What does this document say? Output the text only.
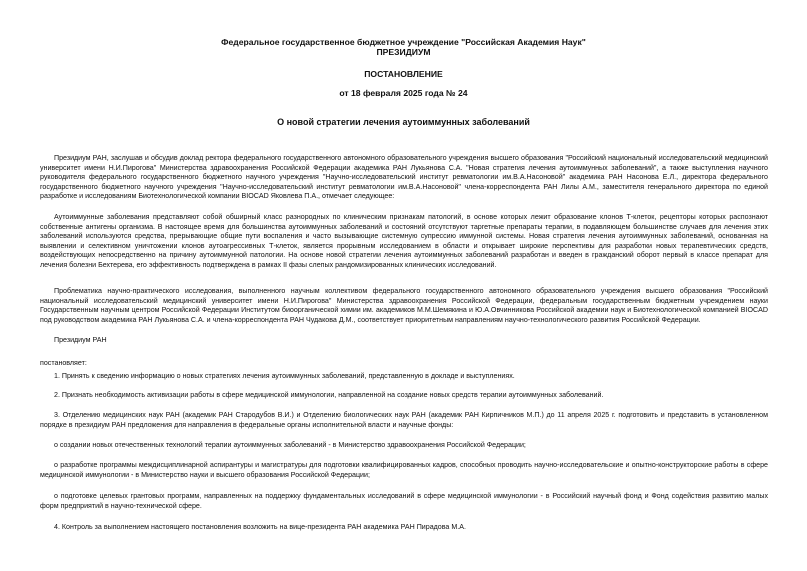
Федеральное государственное бюджетное учреждение "Российская Академия Наук"
ПРЕЗИДИУМ
ПОСТАНОВЛЕНИЕ
от 18 февраля 2025 года № 24
О новой стратегии лечения аутоиммунных заболеваний

Президиум РАН, заслушав и обсудив доклад ректора федерального государственного автономного образовательного учреждения высшего образования "Российский национальный исследовательский медицинский университет имени Н.И.Пирогова" Министерства здравоохранения Российской Федерации академика РАН Лукьянова С.А. "Новая стратегия лечения аутоиммунных заболеваний", а также выступления научного руководителя федерального государственного бюджетного научного учреждения "Научно-исследовательский институт ревматологии им.В.А.Насоновой" академика РАН Насонова Е.Л., директора федерального государственного бюджетного научного учреждения "Научно-исследовательский институт ревматологии им.В.А.Насоновой" члена-корреспондента РАН Лилы А.М., заместителя генерального директора по единой разработке и исследованиям Биотехнологической компании BIOCAD Яковлева П.А., отмечает следующее:

Аутоиммунные заболевания представляют собой обширный класс разнородных по клиническим признакам патологий, в основе которых лежит образование клонов Т-клеток, рецепторы которых распознают собственные антигены организма. В настоящее время для большинства аутоиммунных заболеваний и состояний отсутствуют таргетные препараты терапии, в подавляющем большинстве случаев для лечения этих заболеваний используются средства, прерывающие общие пути воспаления и часто вызывающие системную супрессию иммунной системы. Новая стратегия лечения аутоиммунных заболеваний, основанная на выявлении и селективном уничтожении клонов аутоагрессивных Т-клеток, является прорывным исследованием в области и открывает широкие перспективы для разработки новых терапевтических средств, воздействующих непосредственно на причину аутоиммунной патологии. На основе новой стратегии лечения аутоиммунных заболеваний разработан и введен в гражданский оборот первый в классе препарат для лечения болезни Бехтерева, его эффективность подтверждена в рамках II фазы слепых рандомизированных клинических исследований.

Проблематика научно-практического исследования, выполненного научным коллективом федерального государственного автономного образовательного учреждения высшего образования "Российский национальный исследовательский медицинский университет имени Н.И.Пирогова" Министерства здравоохранения Российской Федерации, федеральным государственным бюджетным учреждением науки Государственным научным центром Российской Федерации Институтом биоорганической химии им. академиков М.М.Шемякина и Ю.А.Овчинникова Российской академии наук и Биотехнологической компанией BIOCAD под руководством академика РАН Лукьянова С.А. и члена-корреспондента РАН Чудакова Д.М., соответствует приоритетным направлениям научно-технологического развития Российской Федерации.

Президиум РАН
постановляет:

1. Принять к сведению информацию о новых стратегиях лечения аутоиммунных заболеваний, представленную в докладе и выступлениях.

2. Признать необходимость активизации работы в сфере медицинской иммунологии, направленной на создание новых средств терапии аутоиммунных заболеваний.

3. Отделению медицинских наук РАН (академик РАН Стародубов В.И.) и Отделению биологических наук РАН (академик РАН Кирпичников М.П.) до 11 апреля 2025 г. подготовить и представить в установленном порядке в президиум РАН предложения для направления в федеральные органы исполнительной власти и научные фонды:

о создании новых отечественных технологий терапии аутоиммунных заболеваний - в Министерство здравоохранения Российской Федерации;

о разработке программы междисциплинарной аспирантуры и магистратуры для подготовки квалифицированных кадров, способных проводить научно-исследовательские и опытно-конструкторские работы в сфере медицинской иммунологии - в Министерство науки и высшего образования Российской Федерации;

о подготовке целевых грантовых программ, направленных на поддержку фундаментальных исследований в сфере медицинской иммунологии - в Российский научный фонд и Фонд содействия развитию малых форм предприятий в научно-технической сфере.

4. Контроль за выполнением настоящего постановления возложить на вице-президента РАН академика РАН Пирадова М.А.
